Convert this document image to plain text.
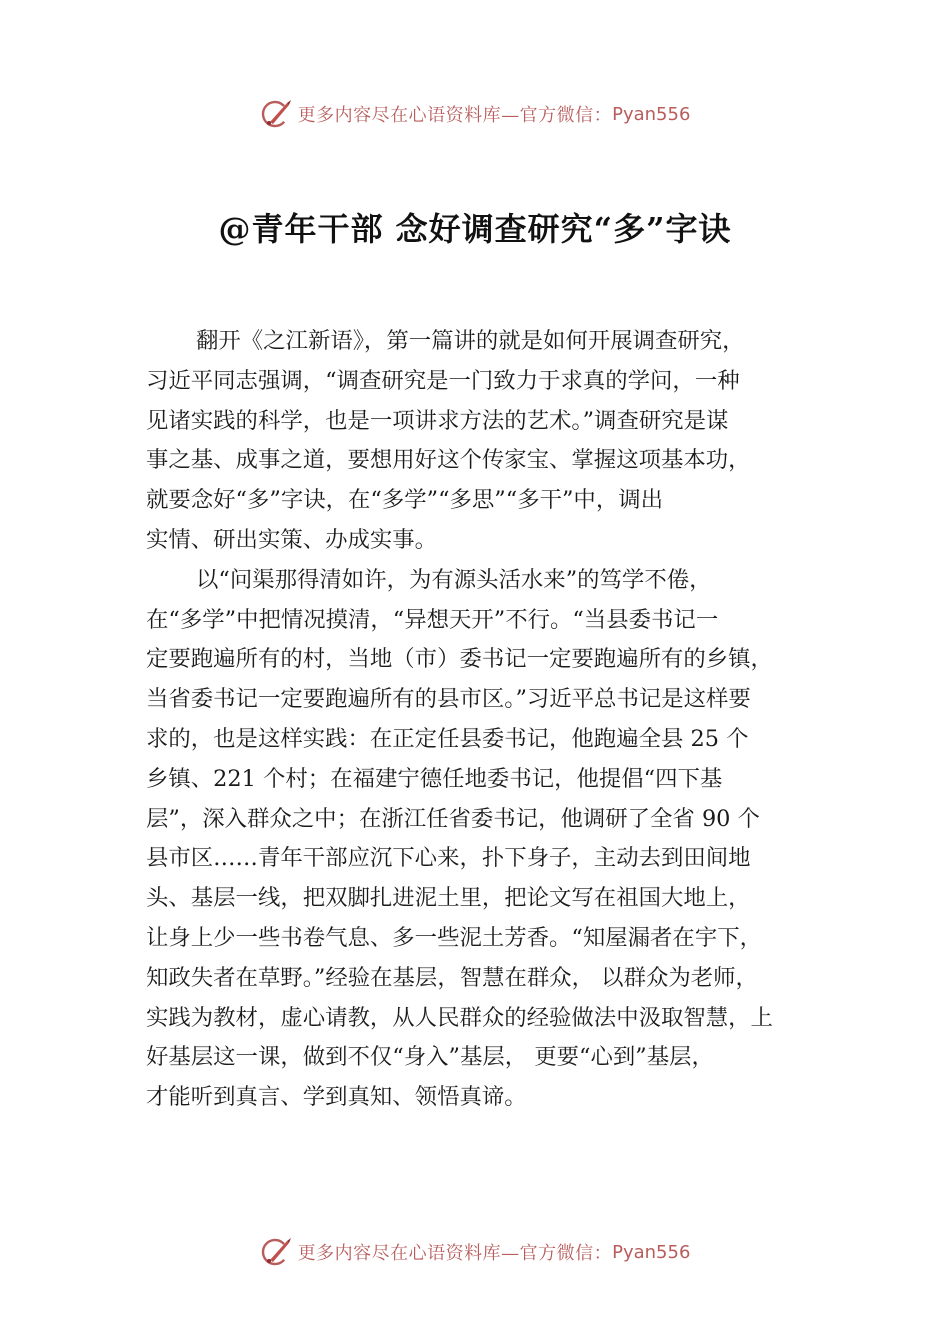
更多内容尽在心语资料库—官方微信： Pyan556
@青年干部 念好调查研究“多”字诀
翻开《之江新语》，第一篇讲的就是如何开展调查研究，
习近平同志强调，“调查研究是一门致力于求真的学问，一种
见诸实践的科学，也是一项讲求方法的艺术。”调查研究是谋
事之基、成事之道，要想用好这个传家宝、掌握这项基本功，
就要念好“多”字诀，在“多学”“多思”“多干”中，调出
实情、研出实策、办成实事。
以“问渠那得清如许，为有源头活水来”的笃学不倦，
在“多学”中把情况摸清，“异想天开”不行。“当县委书记一
定要跑遍所有的村，当地（市）委书记一定要跑遍所有的乡镇，
当省委书记一定要跑遍所有的县市区。”习近平总书记是这样要
求的，也是这样实践：在正定任县委书记，他跑遍全县 25 个
乡镇、221 个村；在福建宁德任地委书记，他提倡“四下基
层”，深入群众之中；在浙江任省委书记，他调研了全省 90 个
县市区……青年干部应沉下心来，扑下身子，主动去到田间地
头、基层一线，把双脚扎进泥土里，把论文写在祖国大地上，
让身上少一些书卷气息、多一些泥土芳香。“知屋漏者在宇下，
知政失者在草野。”经验在基层，智慧在群众， 以群众为老师，
实践为教材，虚心请教，从人民群众的经验做法中汲取智慧，上
好基层这一课，做到不仅“身入”基层， 更要“心到”基层，
才能听到真言、学到真知、领悟真谛。
更多内容尽在心语资料库—官方微信： Pyan556
